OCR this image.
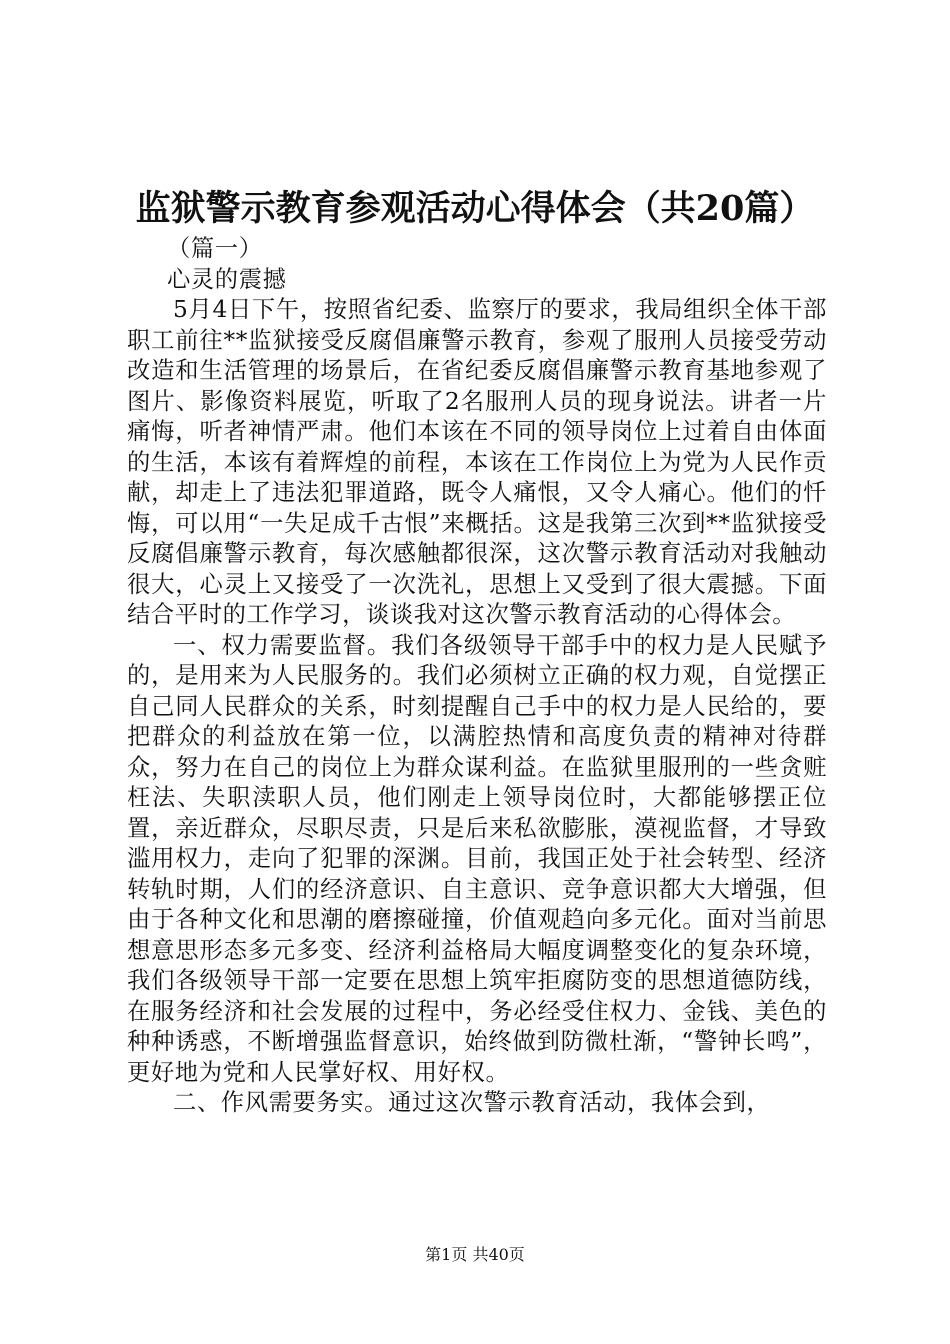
监狱警示教育参观活动心得体会（共20篇）

（篇一）

心灵的震撼

5月4日下午，按照省纪委、监察厅的要求，我局组织全体干部职工前往**监狱接受反腐倡廉警示教育，参观了服刑人员接受劳动改造和生活管理的场景后，在省纪委反腐倡廉警示教育基地参观了图片、影像资料展览，听取了2名服刑人员的现身说法。讲者一片痛悔，听者神情严肃。他们本该在不同的领导岗位上过着自由体面的生活，本该有着辉煌的前程，本该在工作岗位上为党为人民作贡献，却走上了违法犯罪道路，既令人痛恨，又令人痛心。他们的忏悔，可以用“一失足成千古恨”来概括。这是我第三次到**监狱接受反腐倡廉警示教育，每次感触都很深，这次警示教育活动对我触动很大，心灵上又接受了一次洗礼，思想上又受到了很大震撼。下面结合平时的工作学习，谈谈我对这次警示教育活动的心得体会。

一、权力需要监督。我们各级领导干部手中的权力是人民赋予的，是用来为人民服务的。我们必须树立正确的权力观，自觉摆正自己同人民群众的关系，时刻提醒自己手中的权力是人民给的，要把群众的利益放在第一位，以满腔热情和高度负责的精神对待群众，努力在自己的岗位上为群众谋利益。在监狱里服刑的一些贪赃枉法、失职渎职人员，他们刚走上领导岗位时，大都能够摆正位置，亲近群众，尽职尽责，只是后来私欲膨胀，漠视监督，才导致滥用权力，走向了犯罪的深渊。目前，我国正处于社会转型、经济转轨时期，人们的经济意识、自主意识、竞争意识都大大增强，但由于各种文化和思潮的磨擦碰撞，价值观趋向多元化。面对当前思想意思形态多元多变、经济利益格局大幅度调整变化的复杂环境，我们各级领导干部一定要在思想上筑牢拒腐防变的思想道德防线，在服务经济和社会发展的过程中，务必经受住权力、金钱、美色的种种诱惑，不断增强监督意识，始终做到防微杜渐，“警钟长鸣”，更好地为党和人民掌好权、用好权。

二、作风需要务实。通过这次警示教育活动，我体会到，

第1页 共40页
